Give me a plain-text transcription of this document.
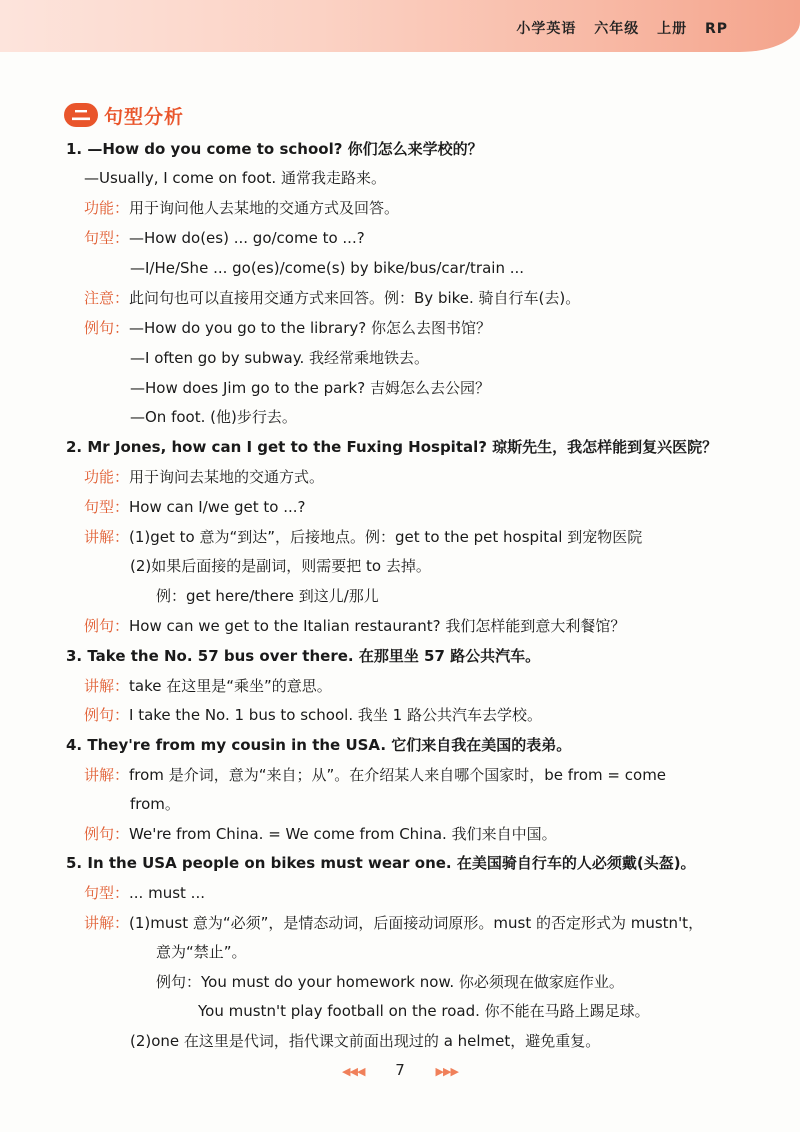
小学英语 六年级 上册 RP
句型分析
1. —How do you come to school? 你们怎么来学校的？
—Usually, I come on foot. 通常我走路来。
功能：用于询问他人去某地的交通方式及回答。
句型：—How do(es) ... go/come to ...?
—I/He/She ... go(es)/come(s) by bike/bus/car/train ...
注意：此问句也可以直接用交通方式来回答。例：By bike. 骑自行车(去)。
例句：—How do you go to the library? 你怎么去图书馆？
—I often go by subway. 我经常乘地铁去。
—How does Jim go to the park? 吉姆怎么去公园？
—On foot. (他)步行去。
2. Mr Jones, how can I get to the Fuxing Hospital? 琼斯先生，我怎样能到复兴医院？
功能：用于询问去某地的交通方式。
句型：How can I/we get to ...?
讲解：(1)get to 意为“到达”，后接地点。例：get to the pet hospital 到宠物医院
(2)如果后面接的是副词，则需要把 to 去掉。
例：get here/there 到这儿/那儿
例句：How can we get to the Italian restaurant? 我们怎样能到意大利餐馆？
3. Take the No. 57 bus over there. 在那里坐 57 路公共汽车。
讲解：take 在这里是“乘坐”的意思。
例句：I take the No. 1 bus to school. 我坐 1 路公共汽车去学校。
4. They're from my cousin in the USA. 它们来自我在美国的表弟。
讲解：from 是介词，意为“来自；从”。在介绍某人来自哪个国家时，be from = come
from。
例句：We're from China. = We come from China. 我们来自中国。
5. In the USA people on bikes must wear one. 在美国骑自行车的人必须戴(头盔)。
句型：... must ...
讲解：(1)must 意为“必须”，是情态动词，后面接动词原形。must 的否定形式为 mustn't，
意为“禁止”。
例句：You must do your homework now. 你必须现在做家庭作业。
You mustn't play football on the road. 你不能在马路上踢足球。
(2)one 在这里是代词，指代课文前面出现过的 a helmet，避免重复。
◀◀◀ 7	▶▶▶
